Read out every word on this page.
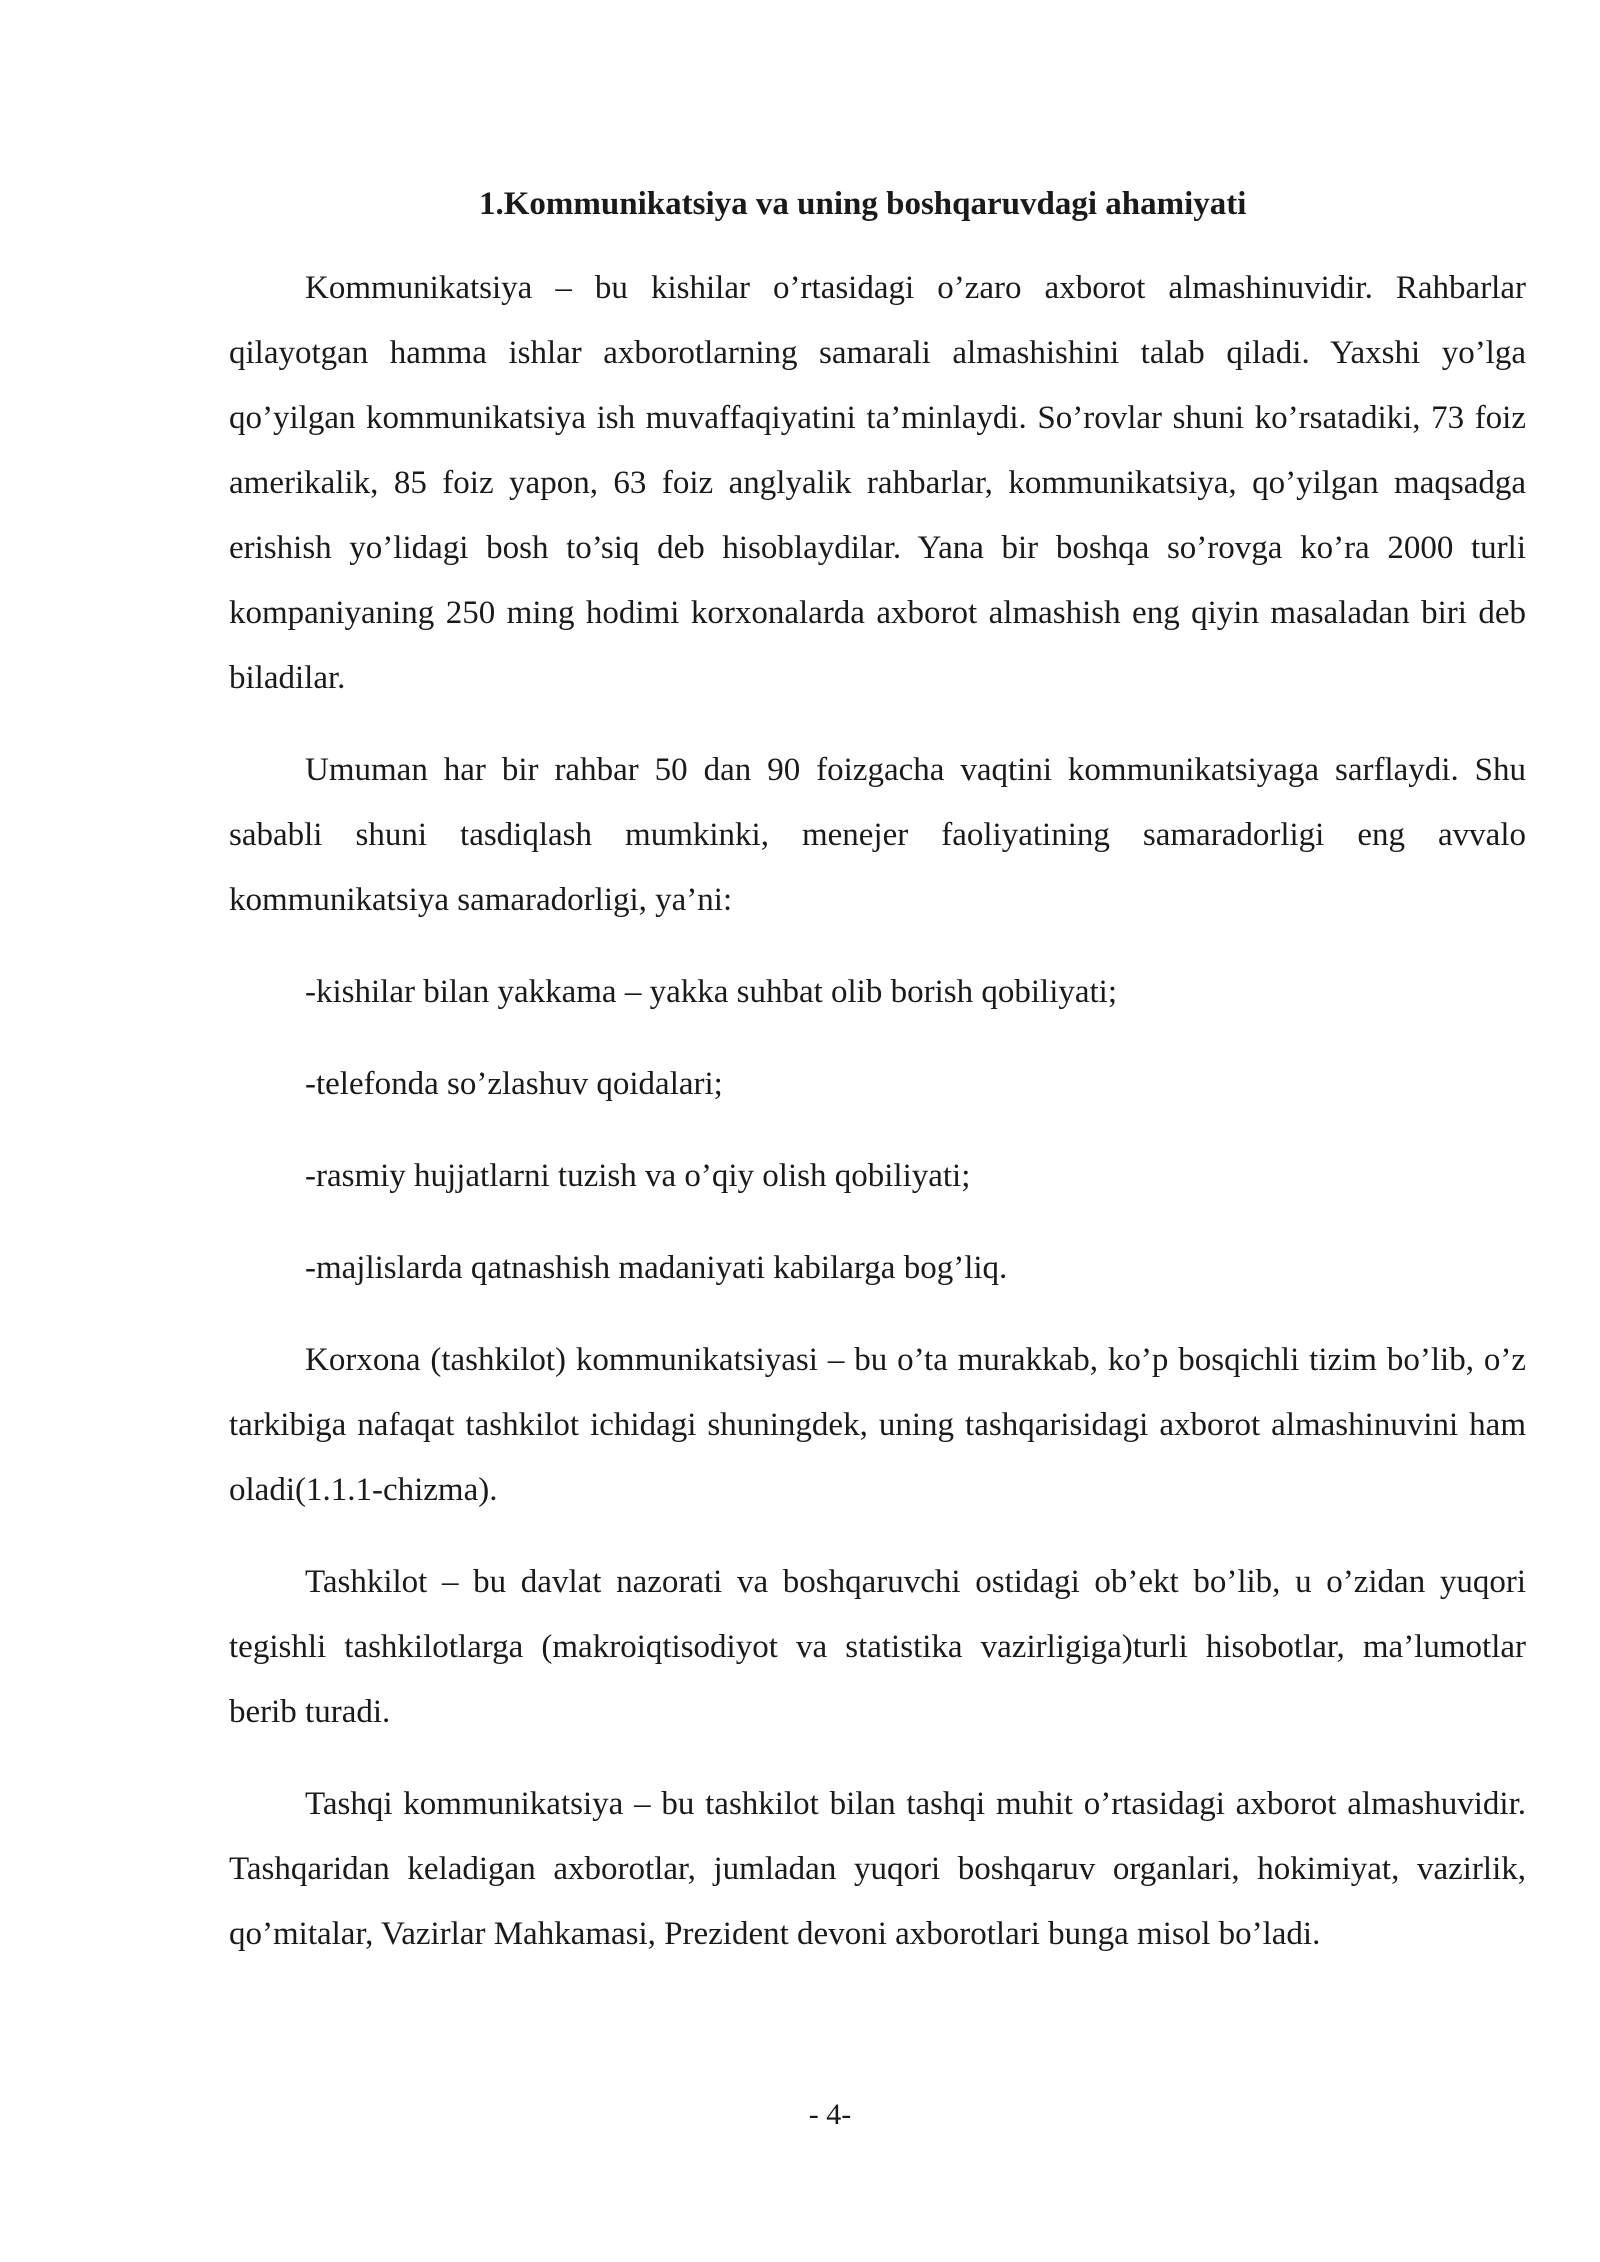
1.Kommunikatsiya va uning boshqaruvdagi ahamiyati

Kommunikatsiya – bu kishilar o’rtasidagi o’zaro axborot almashinuvidir. Rahbarlar qilayotgan hamma ishlar axborotlarning samarali almashishini talab qiladi. Yaxshi yo’lga qo’yilgan kommunikatsiya ish muvaffaqiyatini ta’minlaydi. So’rovlar shuni ko’rsatadiki, 73 foiz amerikalik, 85 foiz yapon, 63 foiz anglyalik rahbarlar, kommunikatsiya, qo’yilgan maqsadga erishish yo’lidagi bosh to’siq deb hisoblaydilar. Yana bir boshqa so’rovga ko’ra 2000 turli kompaniyaning 250 ming hodimi korxonalarda axborot almashish eng qiyin masaladan biri deb biladilar.

Umuman har bir rahbar 50 dan 90 foizgacha vaqtini kommunikatsiyaga sarflaydi. Shu sababli shuni tasdiqlash mumkinki, menejer faoliyatining samaradorligi eng avvalo kommunikatsiya samaradorligi, ya’ni:

-kishilar bilan yakkama – yakka suhbat olib borish qobiliyati;
-telefonda so’zlashuv qoidalari;
-rasmiy hujjatlarni tuzish va o’qiy olish qobiliyati;
-majlislarda qatnashish madaniyati kabilarga bog’liq.

Korxona (tashkilot) kommunikatsiyasi – bu o’ta murakkab, ko’p bosqichli tizim bo’lib, o’z tarkibiga nafaqat tashkilot ichidagi shuningdek, uning tashqarisidagi axborot almashinuvini ham oladi(1.1.1-chizma).

Tashkilot – bu davlat nazorati va boshqaruvchi ostidagi ob’ekt bo’lib, u o’zidan yuqori tegishli tashkilotlarga (makroiqtisodiyot va statistika vazirligiga)turli hisobotlar, ma’lumotlar berib turadi.

Tashqi kommunikatsiya – bu tashkilot bilan tashqi muhit o’rtasidagi axborot almashuvidir. Tashqaridan keladigan axborotlar, jumladan yuqori boshqaruv organlari, hokimiyat, vazirlik, qo’mitalar, Vazirlar Mahkamasi, Prezident devoni axborotlari bunga misol bo’ladi.

- 4-
